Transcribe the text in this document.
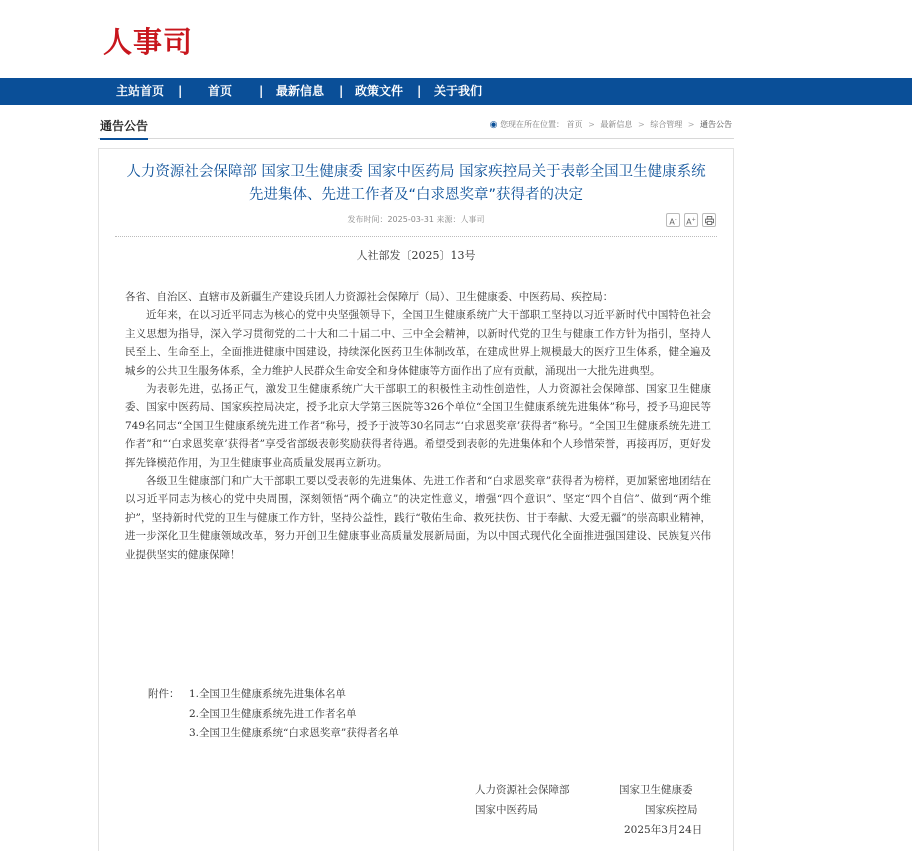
人事司
主站首页 | 首页 | 最新信息 | 政策文件 | 关于我们
通告公告	◉ 您现在所在位置： 首页 > 最新信息 > 综合管理 > 通告公告
人力资源社会保障部 国家卫生健康委 国家中医药局 国家疾控局关于表彰全国卫生健康系统
先进集体、先进工作者及“白求恩奖章”获得者的决定
发布时间：2025-03-31 来源：人事司	A-	A+
人社部发〔2025〕13号

各省、自治区、直辖市及新疆生产建设兵团人力资源社会保障厅（局）、卫生健康委、中医药局、疾控局：

近年来，在以习近平同志为核心的党中央坚强领导下，全国卫生健康系统广大干部职工坚持以习近平新时代中国特色社会主义思想为指导，深入学习贯彻党的二十大和二十届二中、三中全会精神，以新时代党的卫生与健康工作方针为指引，坚持人民至上、生命至上，全面推进健康中国建设，持续深化医药卫生体制改革，在建成世界上规模最大的医疗卫生体系，健全遍及城乡的公共卫生服务体系，全力维护人民群众生命安全和身体健康等方面作出了应有贡献，涌现出一大批先进典型。

为表彰先进，弘扬正气，激发卫生健康系统广大干部职工的积极性主动性创造性，人力资源社会保障部、国家卫生健康委、国家中医药局、国家疾控局决定，授予北京大学第三医院等326个单位“全国卫生健康系统先进集体”称号，授予马迎民等749名同志“全国卫生健康系统先进工作者”称号，授予于波等30名同志“‘白求恩奖章’获得者”称号。“全国卫生健康系统先进工作者”和“‘白求恩奖章’获得者”享受省部级表彰奖励获得者待遇。希望受到表彰的先进集体和个人珍惜荣誉，再接再厉，更好发挥先锋模范作用，为卫生健康事业高质量发展再立新功。

各级卫生健康部门和广大干部职工要以受表彰的先进集体、先进工作者和“白求恩奖章”获得者为榜样，更加紧密地团结在以习近平同志为核心的党中央周围，深刻领悟“两个确立”的决定性意义，增强“四个意识”、坚定“四个自信”、做到“两个维护”，坚持新时代党的卫生与健康工作方针，坚持公益性，践行“敬佑生命、救死扶伤、甘于奉献、大爱无疆”的崇高职业精神，进一步深化卫生健康领域改革，努力开创卫生健康事业高质量发展新局面，为以中国式现代化全面推进强国建设、民族复兴伟业提供坚实的健康保障！

附件： 1.全国卫生健康系统先进集体名单
2.全国卫生健康系统先进工作者名单
3.全国卫生健康系统“白求恩奖章”获得者名单
人力资源社会保障部	国家卫生健康委
国家中医药局	国家疾控局
2025年3月24日
